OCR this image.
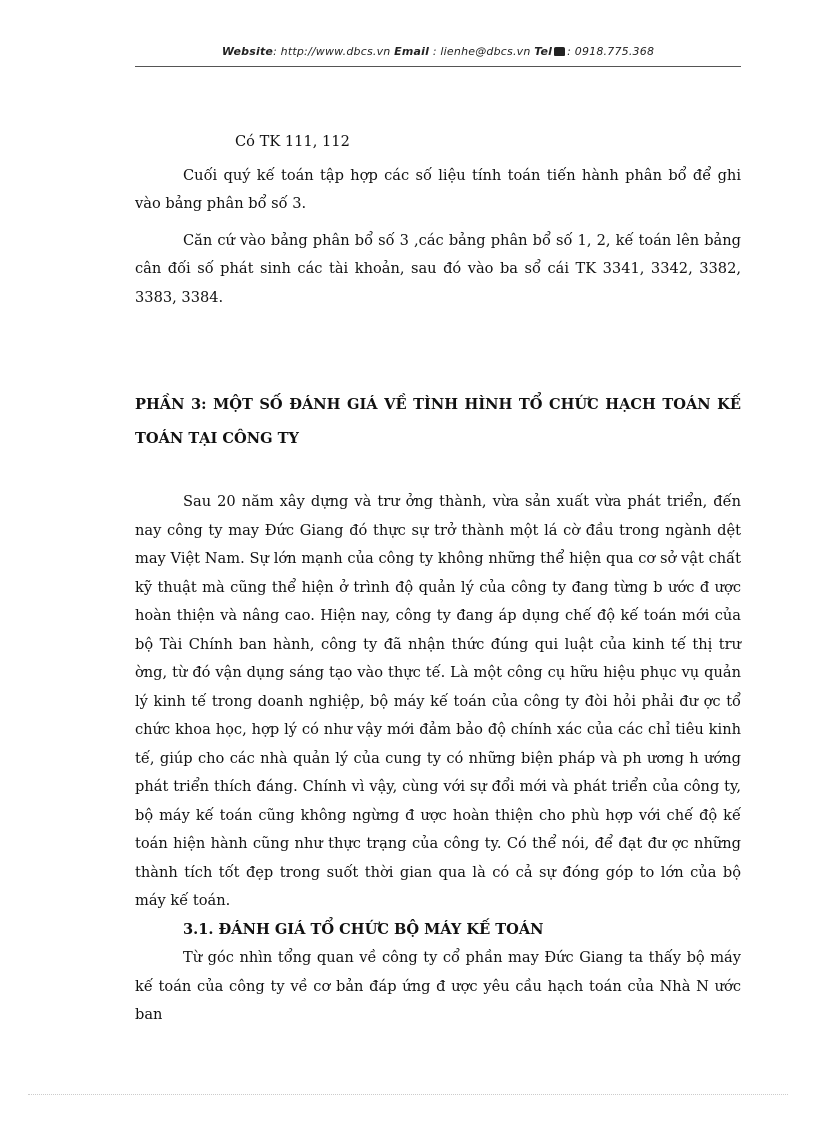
Website: http://www.dbcs.vn Email : lienhe@dbcs.vn Tel : 0918.775.368

Có TK 111, 112

Cuối quý kế toán tập hợp các số liệu tính toán tiến hành phân bổ để ghi vào bảng phân bổ số 3.

Căn cứ vào bảng phân bổ số 3 ,các bảng phân bổ số 1, 2, kế toán lên bảng cân đối số phát sinh các tài khoản, sau đó vào ba sổ cái TK 3341, 3342, 3382, 3383, 3384.

PHẦN 3: MỘT SỐ ĐÁNH GIÁ VỀ TÌNH HÌNH TỔ CHỨC HẠCH TOÁN KẾ TOÁN TẠI CÔNG TY

Sau 20 năm xây dựng và trư ởng thành, vừa sản xuất vừa phát triển, đến nay công ty may Đức Giang đó thực sự trở thành một lá cờ đầu trong ngành dệt may Việt Nam. Sự lớn mạnh của công ty không những thể hiện qua cơ sở vật chất kỹ thuật mà cũng thể hiện ở trình độ quản lý của công ty đang từng b ước đ ược hoàn thiện và nâng cao. Hiện nay, công ty đang áp dụng chế độ kế toán mới của bộ Tài Chính ban hành, công ty đã nhận thức đúng qui luật của kinh tế thị trư ờng, từ đó vận dụng sáng tạo vào thực tế. Là một công cụ hữu hiệu phục vụ quản lý kinh tế trong doanh nghiệp, bộ máy kế toán của công ty đòi hỏi phải đư ợc tổ chức khoa học, hợp lý có như vậy mới đảm bảo độ chính xác của các chỉ tiêu kinh tế, giúp cho các nhà quản lý của cung ty có những biện pháp và ph ương h ướng phát triển thích đáng. Chính vì vậy, cùng với sự đổi mới và phát triển của công ty, bộ máy kế toán cũng không ngừng đ ược hoàn thiện cho phù hợp với chế độ kế toán hiện hành cũng như thực trạng của công ty. Có thể nói, để đạt đư ợc những thành tích tốt đẹp trong suốt thời gian qua là có cả sự đóng góp to lớn của bộ máy kế toán.

3.1. ĐÁNH GIÁ TỔ CHỨC BỘ MÁY KẾ TOÁN

Từ góc nhìn tổng quan về công ty cổ phần may Đức Giang ta thấy bộ máy kế toán của công ty về cơ bản đáp ứng đ ược yêu cầu hạch toán của Nhà N ước ban
